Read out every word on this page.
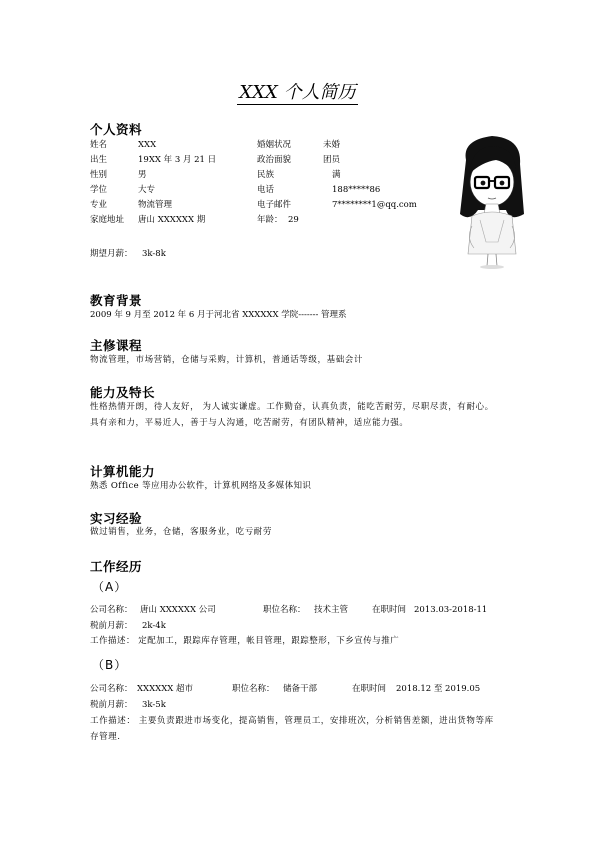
XXX 个人简历
个人资料
姓名	XXX	婚姻状况	未婚
出生	19XX 年 3 月 21 日	政治面貌	团员
性别	男	民族	满
学位	大专	电话	188*****86
专业	物流管理	电子邮件	7********1@qq.com
家庭地址 唐山 XXXXXX 期	年龄： 29
期望月薪： 3k-8k
教育背景
2009 年 9 月至 2012 年 6 月于河北省 XXXXXX 学院------- 管理系
主修课程
物流管理，市场营销，仓储与采购，计算机，普通话等级，基础会计
能力及特长
性格热情开朗，待人友好， 为人诚实谦虚。工作勤奋，认真负责，能吃苦耐劳，尽职尽责，有耐心。具有亲和力，平易近人，善于与人沟通，吃苦耐劳，有团队精神，适应能力强。
计算机能力
熟悉 Office 等应用办公软件，计算机网络及多媒体知识
实习经验
做过销售，业务，仓储，客服务业，吃亏耐劳
工作经历
（A）
公司名称： 唐山 XXXXXX 公司	职位名称： 技术主管	在职时间 2013.03-2018-11
税前月薪： 2k-4k
工作描述： 定配加工，跟踪库存管理，帐目管理，跟踪整形，下乡宣传与推广
（B）
公司名称： XXXXXX 超市	职位名称： 储备干部	在职时间 2018.12 至 2019.05
税前月薪： 3k-5k
工作描述： 主要负责跟进市场变化，提高销售，管理员工，安排班次，分析销售差额，进出货物等库存管理.
